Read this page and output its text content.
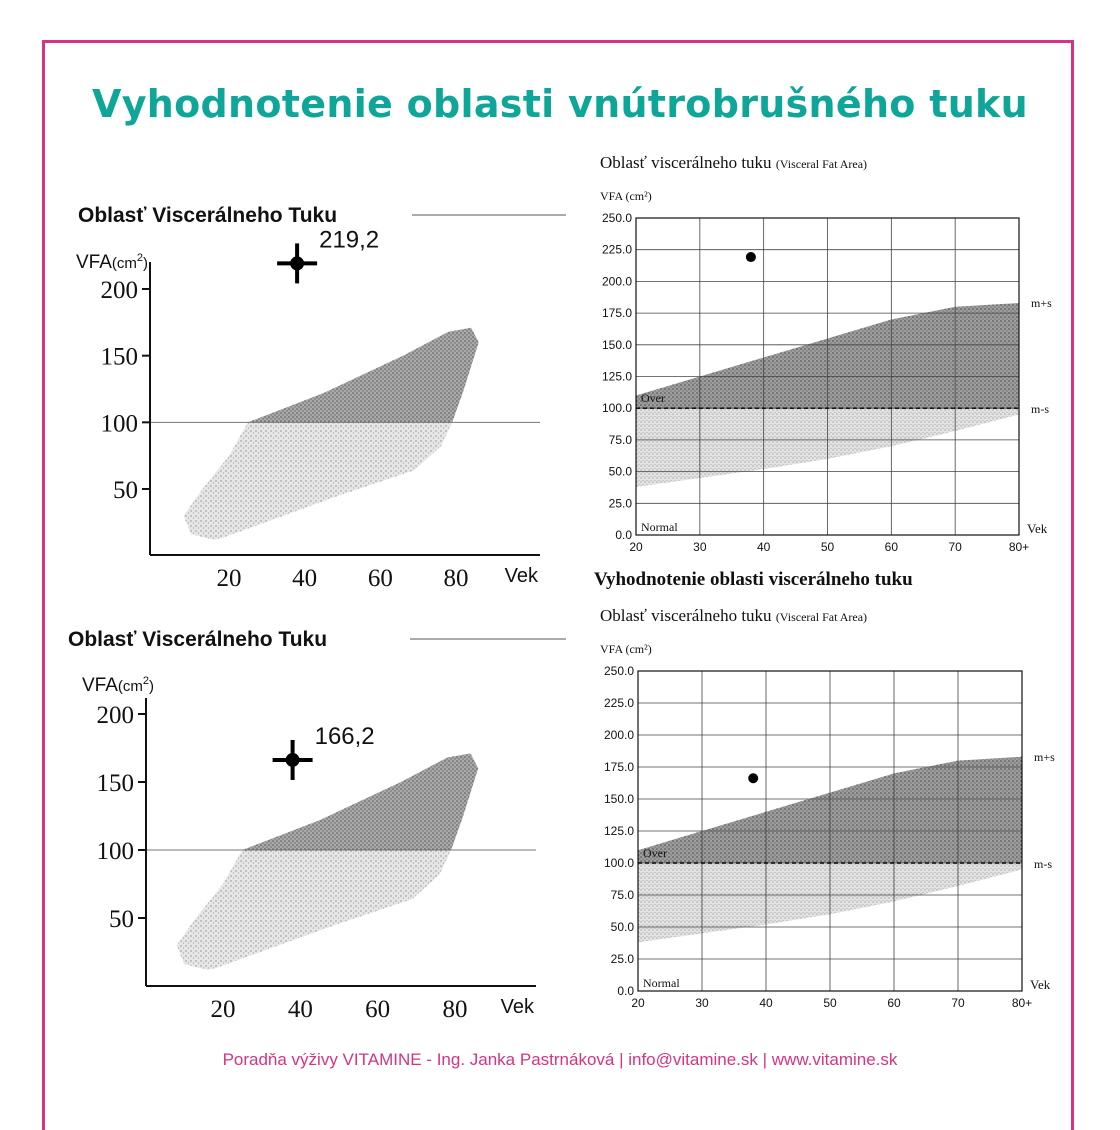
Vyhodnotenie oblasti vnútrobrušného tuku
Oblasť Viscerálneho Tuku
$VFA(cm^2_)$
50
100
150
200
20 40 60 80 Vek
219,2
Oblasť viscerálneho tuku (Visceral Fat Area)
VFA (cm²)
0.0
25.0
50.0
75.0
100.0
125.0
150.0
175.0
200.0
225.0
250.0
20	30	40	50	60	70	80+
Vek
m+s
m-s
Over
Normal
Oblasť Viscerálneho Tuku
$VFA(cm^2_)$
50
100
150
200
20 40 60 80 Vek
166,2
Vyhodnotenie oblasti viscerálneho tuku
Oblasť viscerálneho tuku (Visceral Fat Area)
VFA (cm²)
0.0
25.0
50.0
75.0
100.0
125.0
150.0
175.0
200.0
225.0
250.0
20	30	40	50	60	70	80+
Vek
m+s
m-s
Over
Normal
Poradňa výživy VITAMINE - Ing. Janka Pastrnáková | info@vitamine.sk | www.vitamine.sk
